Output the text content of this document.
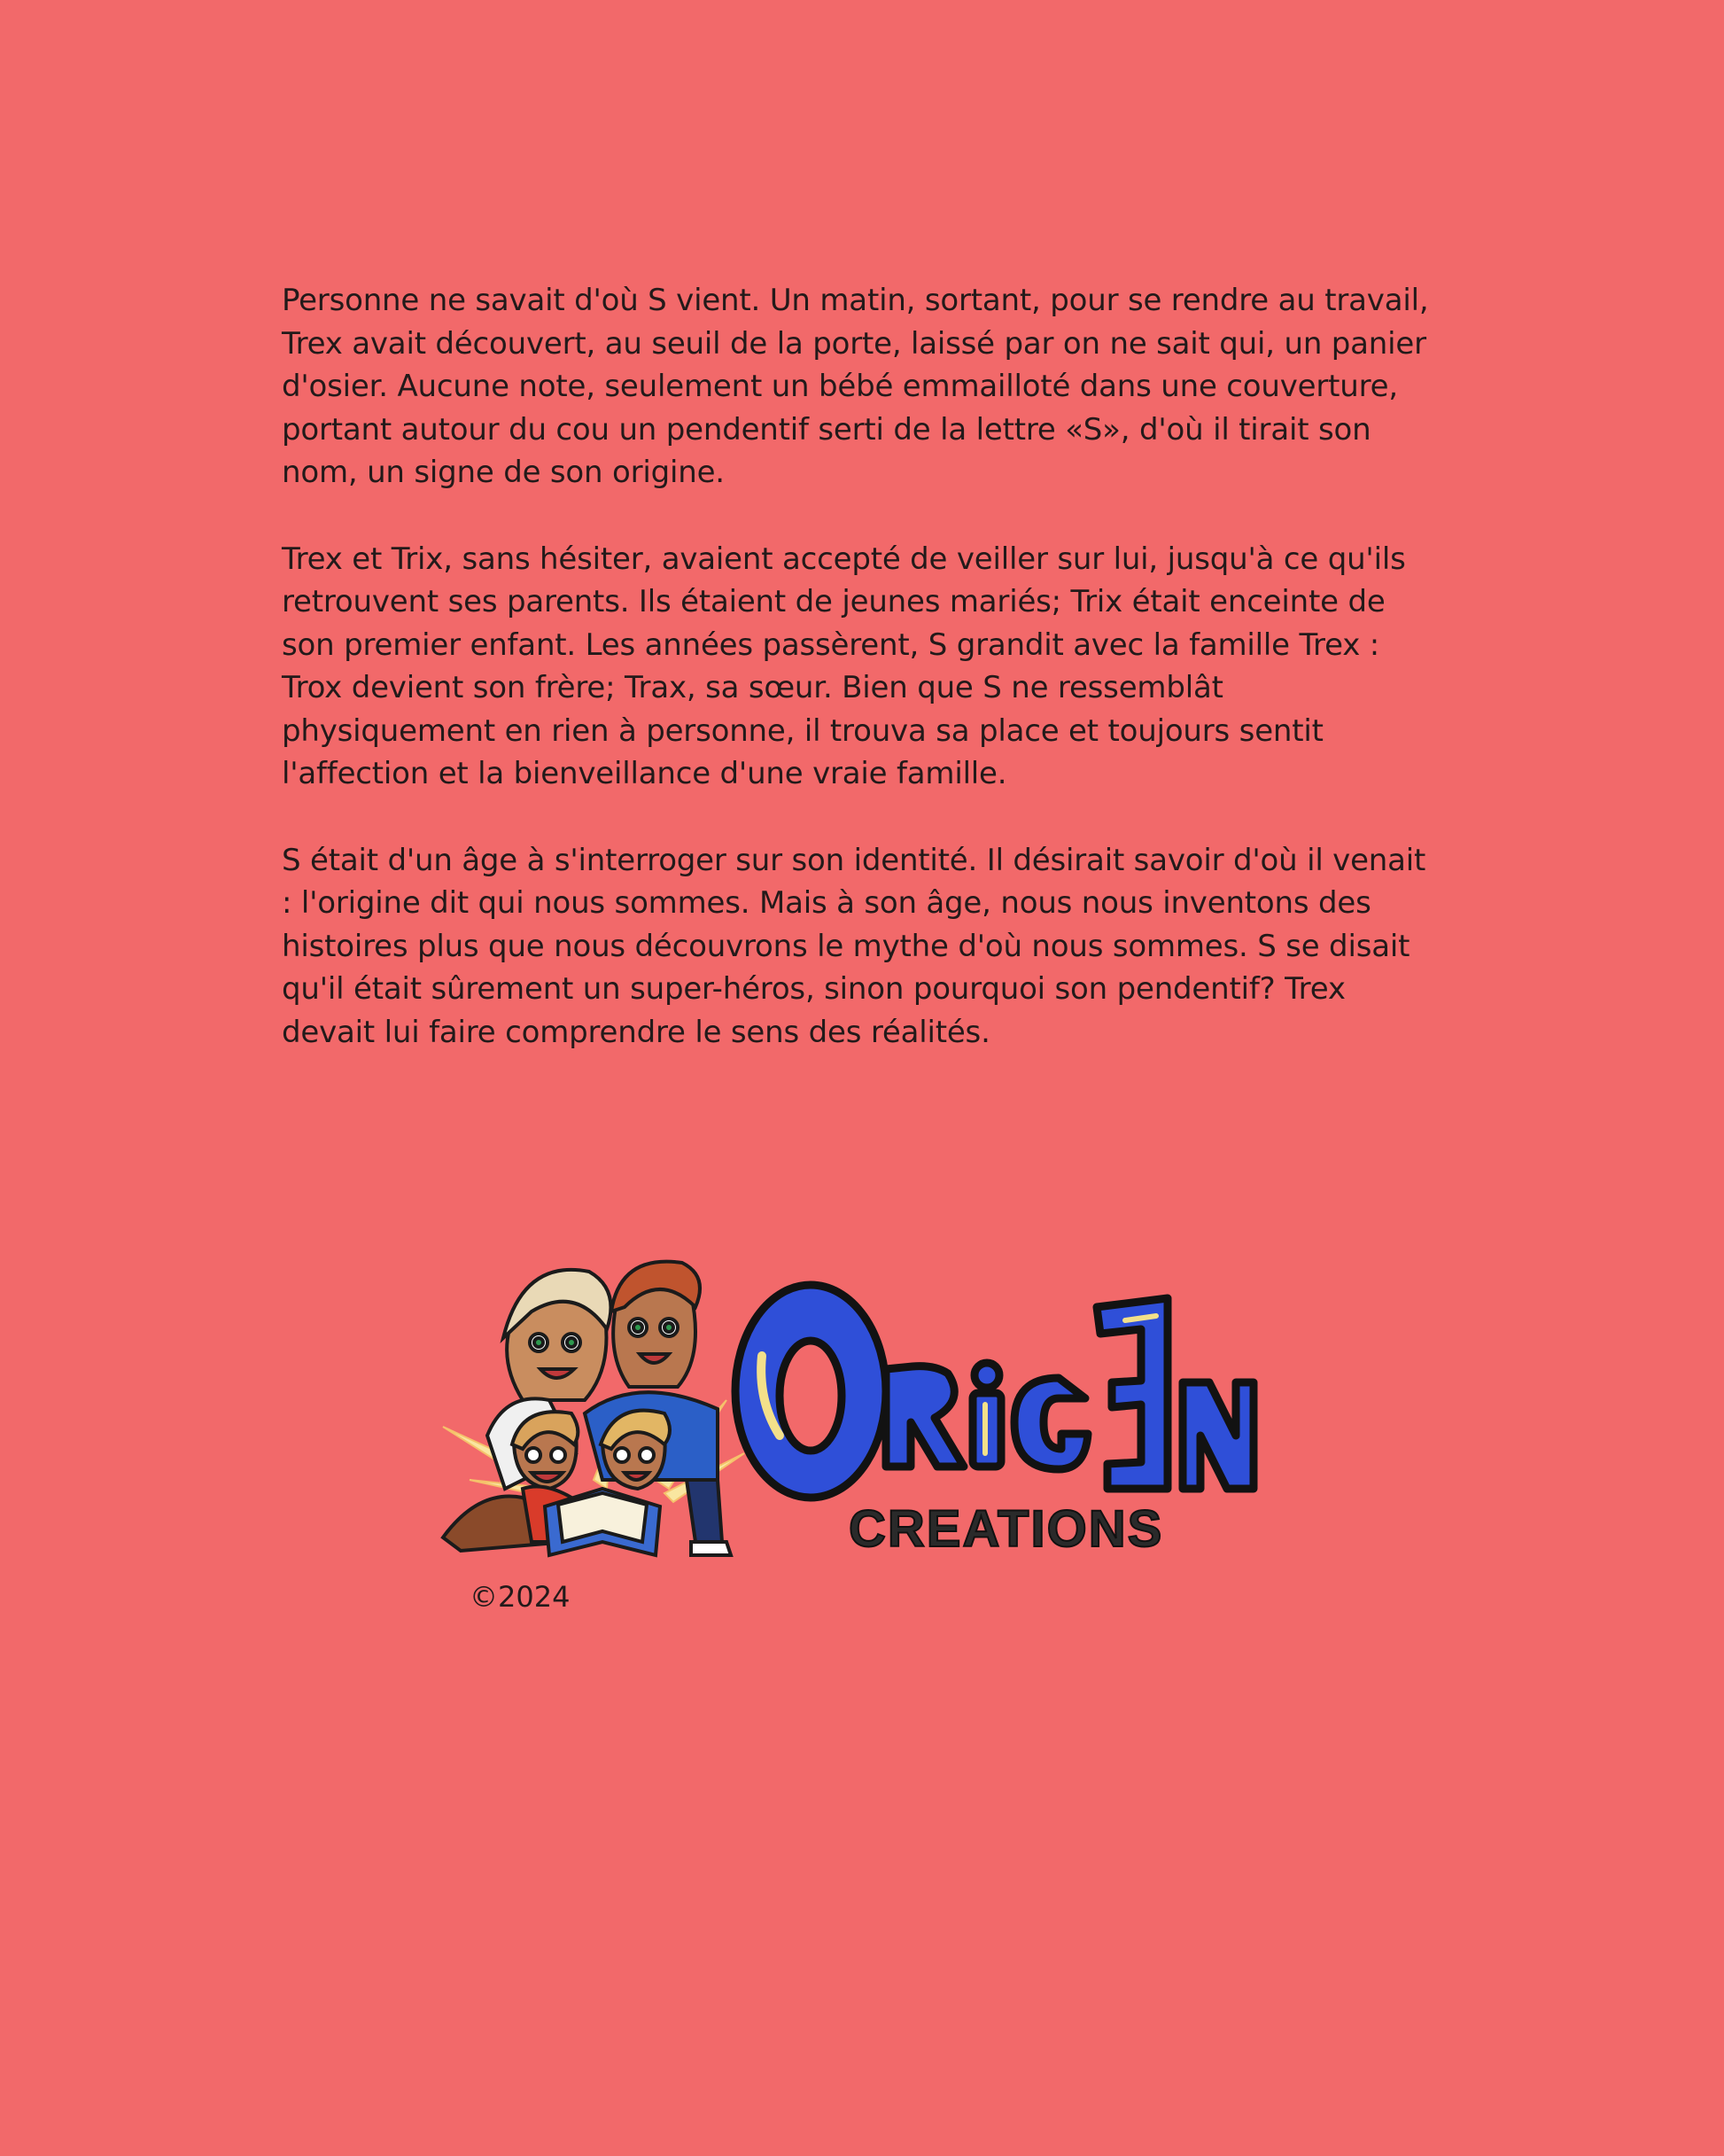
Personne ne savait d'où S vient. Un matin, sortant, pour se rendre au travail, Trex avait découvert, au seuil de la porte, laissé par on ne sait qui, un panier d'osier. Aucune note, seulement un bébé emmailloté dans une couverture, portant autour du cou un pendentif serti de la lettre «S», d'où il tirait son nom, un signe de son origine.

Trex et Trix, sans hésiter, avaient accepté de veiller sur lui, jusqu'à ce qu'ils retrouvent ses parents. Ils étaient de jeunes mariés; Trix était enceinte de son premier enfant. Les années passèrent, S grandit avec la famille Trex : Trox devient son frère; Trax, sa sœur. Bien que S ne ressemblât physiquement en rien à personne, il trouva sa place et toujours sentit l'affection et la bienveillance d'une vraie famille.

S était d'un âge à s'interroger sur son identité. Il désirait savoir d'où il venait : l'origine dit qui nous sommes. Mais à son âge, nous nous inventons des histoires plus que nous découvrons le mythe d'où nous sommes. S se disait qu'il était sûrement un super-héros, sinon pourquoi son pendentif? Trex devait lui faire comprendre le sens des réalités.

CREATIONS
©2024
